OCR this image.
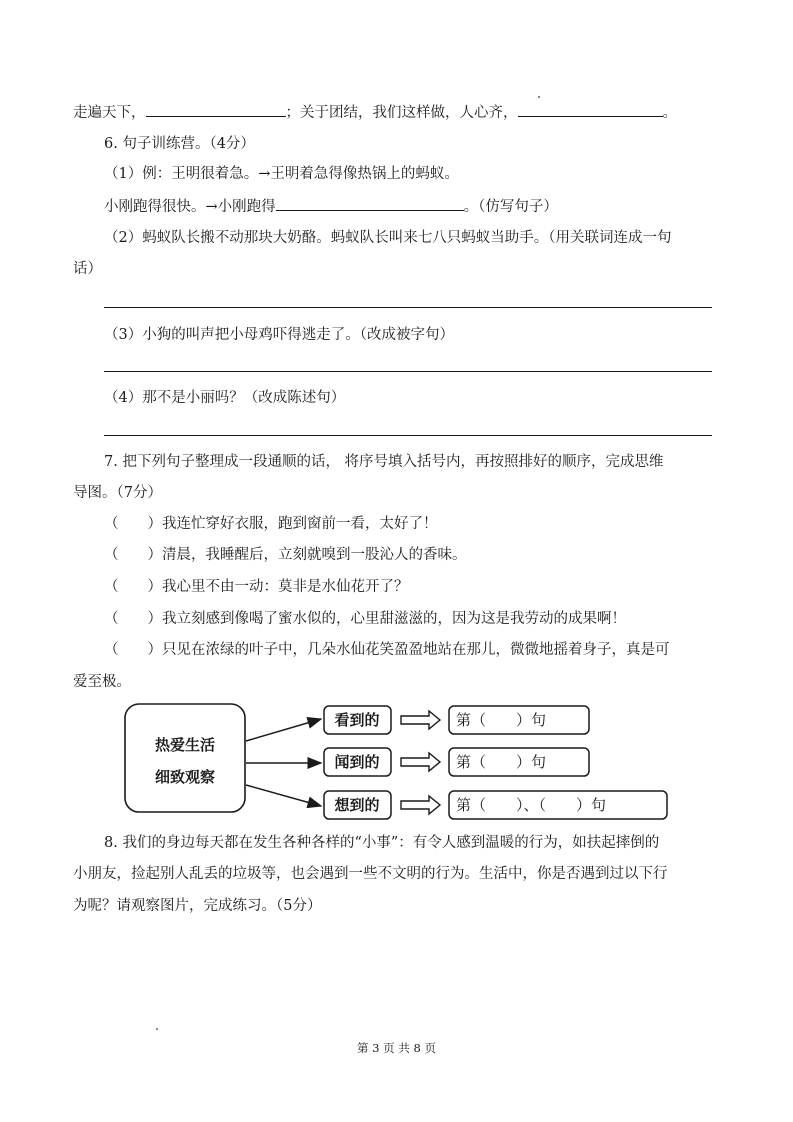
走遍天下，	；关于团结，我们这样做，人心齐，	。
6. 句子训练营。（4分）
（1）例：王明很着急。→王明着急得像热锅上的蚂蚁。
小刚跑得很快。→小刚跑得	。（仿写句子）
（2）蚂蚁队长搬不动那块大奶酪。蚂蚁队长叫来七八只蚂蚁当助手。（用关联词连成一句
话）
（3）小狗的叫声把小母鸡吓得逃走了。（改成被字句）
（4）那不是小丽吗？（改成陈述句）
7. 把下列句子整理成一段通顺的话， 将序号填入括号内，再按照排好的顺序，完成思维
导图。（7分）
（　　）我连忙穿好衣服，跑到窗前一看，太好了！
（　　）清晨，我睡醒后，立刻就嗅到一股沁人的香味。
（　　）我心里不由一动：莫非是水仙花开了？
（　　）我立刻感到像喝了蜜水似的，心里甜滋滋的，因为这是我劳动的成果啊！
（　　）只见在浓绿的叶子中，几朵水仙花笑盈盈地站在那儿，微微地摇着身子，真是可
爱至极。
热爱生活
细致观察
看到的
闻到的
想到的
第（　　）句
第（　　）句
第（　　）、（　　）句
8. 我们的身边每天都在发生各种各样的“小事”：有令人感到温暖的行为，如扶起摔倒的
小朋友，捡起别人乱丢的垃圾等，也会遇到一些不文明的行为。生活中，你是否遇到过以下行
为呢？请观察图片，完成练习。（5分）
第 3 页 共 8 页
